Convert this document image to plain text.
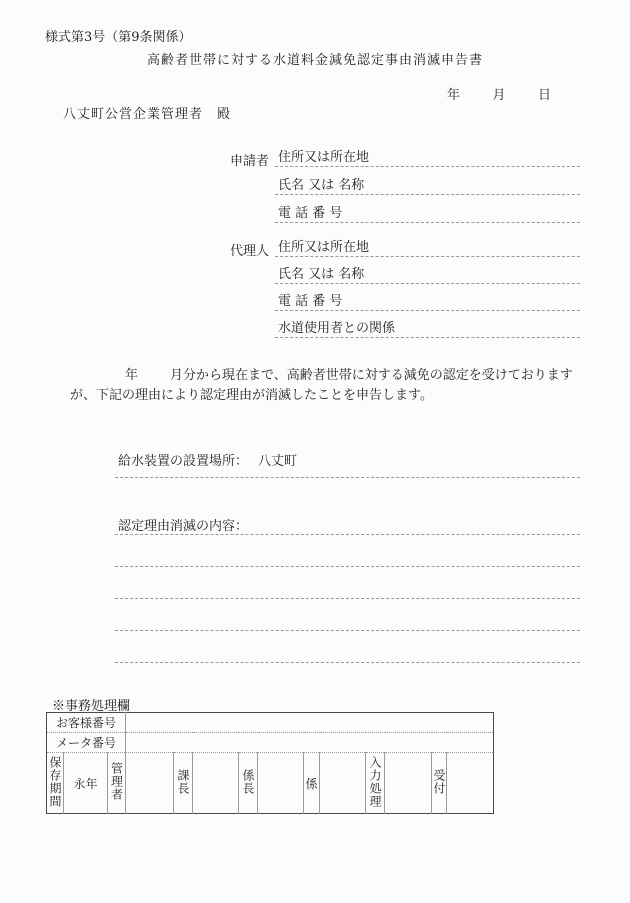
様式第3号（第9条関係）
高齢者世帯に対する水道料金減免認定事由消滅申告書
年 月 日
八丈町公営企業管理者　殿
申請者 住所又は所在地
氏名 又は 名称
電 話 番 号
代理人 住所又は所在地
氏名 又は 名称
電 話 番 号
水道使用者との関係
年 月分から現在まで、高齢者世帯に対する減免の認定を受けております
が、下記の理由により認定理由が消滅したことを申告します。
給水装置の設置場所： 八丈町
認定理由消滅の内容：
※事務処理欄
お客様番号													
メータ番号													
保存期間	永年	管理者		課長		係長		係		入力処理		受付	
